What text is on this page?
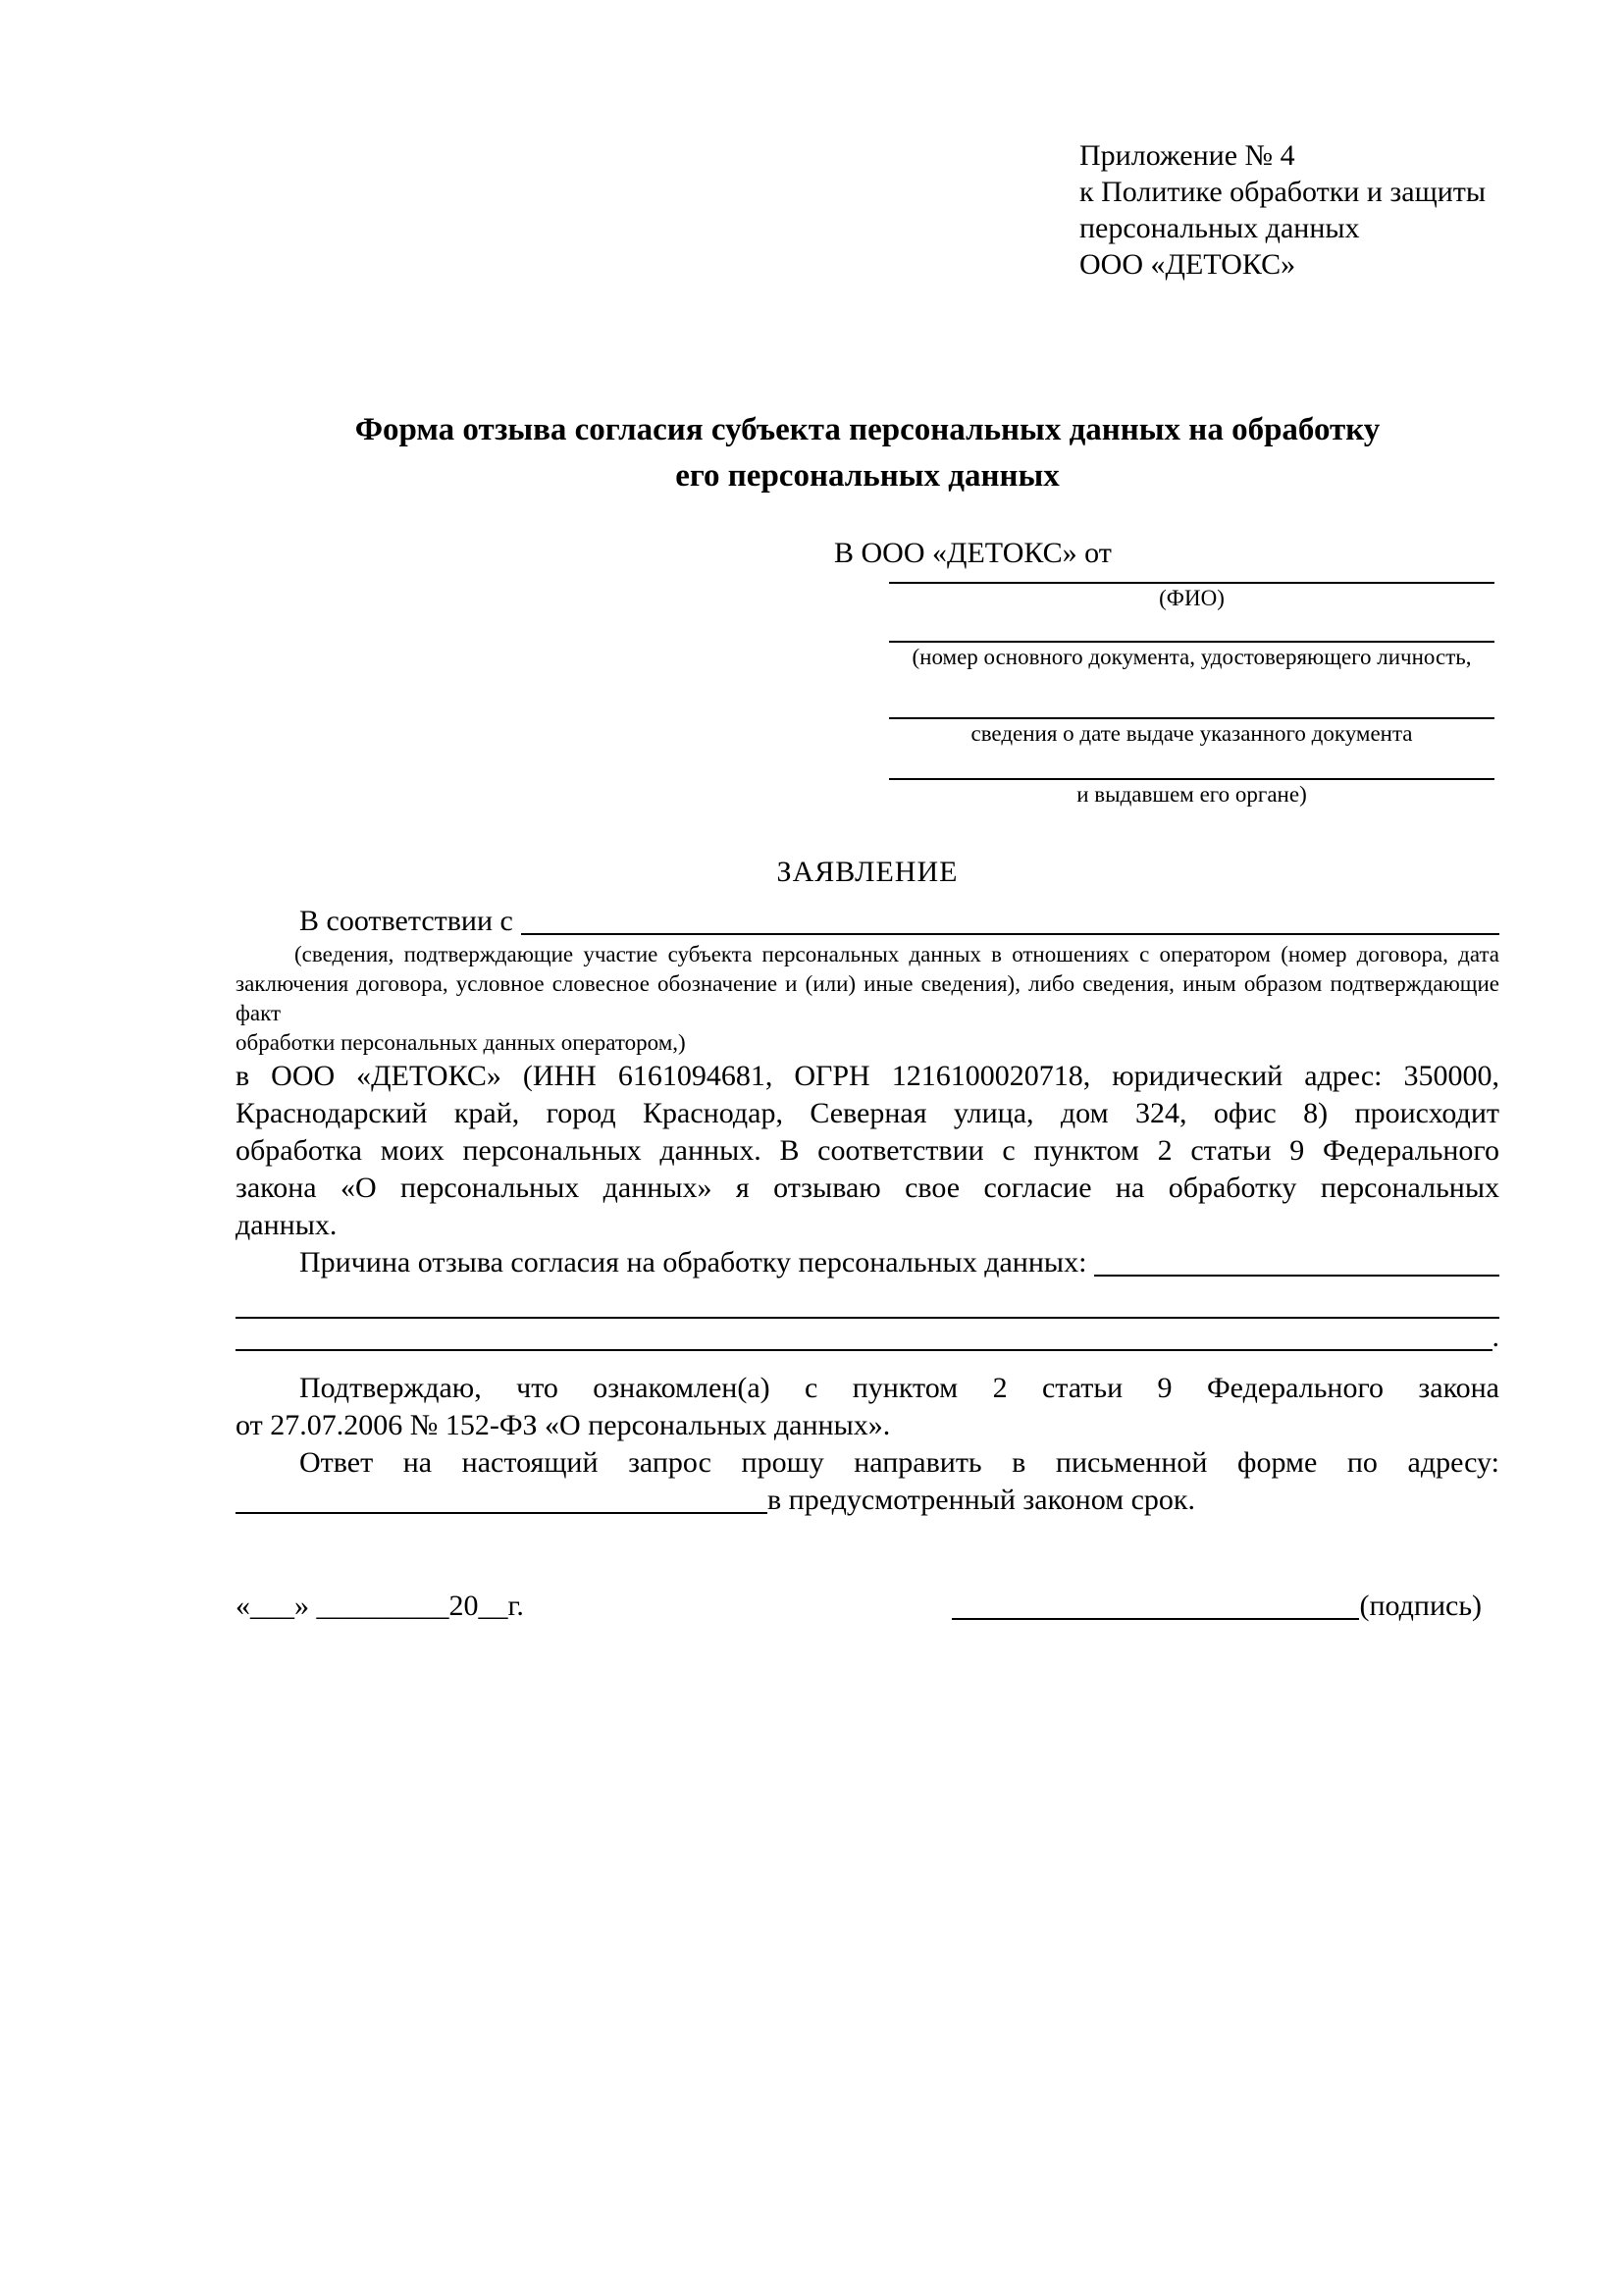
Приложение № 4
к Политике обработки и защиты
персональных данных
ООО «ДЕТОКС»
Форма отзыва согласия субъекта персональных данных на обработку
его персональных данных
В ООО «ДЕТОКС» от
(ФИО)
(номер основного документа, удостоверяющего личность,
сведения о дате выдаче указанного документа
и выдавшем его органе)
ЗАЯВЛЕНИЕ
В соответствии с
(сведения, подтверждающие участие субъекта персональных данных в отношениях с оператором (номер договора, дата
заключения договора, условное словесное обозначение и (или) иные сведения), либо сведения, иным образом подтверждающие факт
обработки персональных данных оператором,)
в ООО «ДЕТОКС» (ИНН 6161094681, ОГРН 1216100020718, юридический адрес: 350000,
Краснодарский край, город Краснодар, Северная улица, дом 324, офис 8) происходит
обработка моих персональных данных. В соответствии с пунктом 2 статьи 9 Федерального
закона «О персональных данных» я отзываю свое согласие на обработку персональных
данных.
Причина отзыва согласия на обработку персональных данных:
.
Подтверждаю, что ознакомлен(а) с пунктом 2 статьи 9 Федерального закона
от 27.07.2006 № 152-ФЗ «О персональных данных».
Ответ на настоящий запрос прошу направить в письменной форме по адресу:
в предусмотренный законом срок.
«___» _________20__г.	(подпись)
